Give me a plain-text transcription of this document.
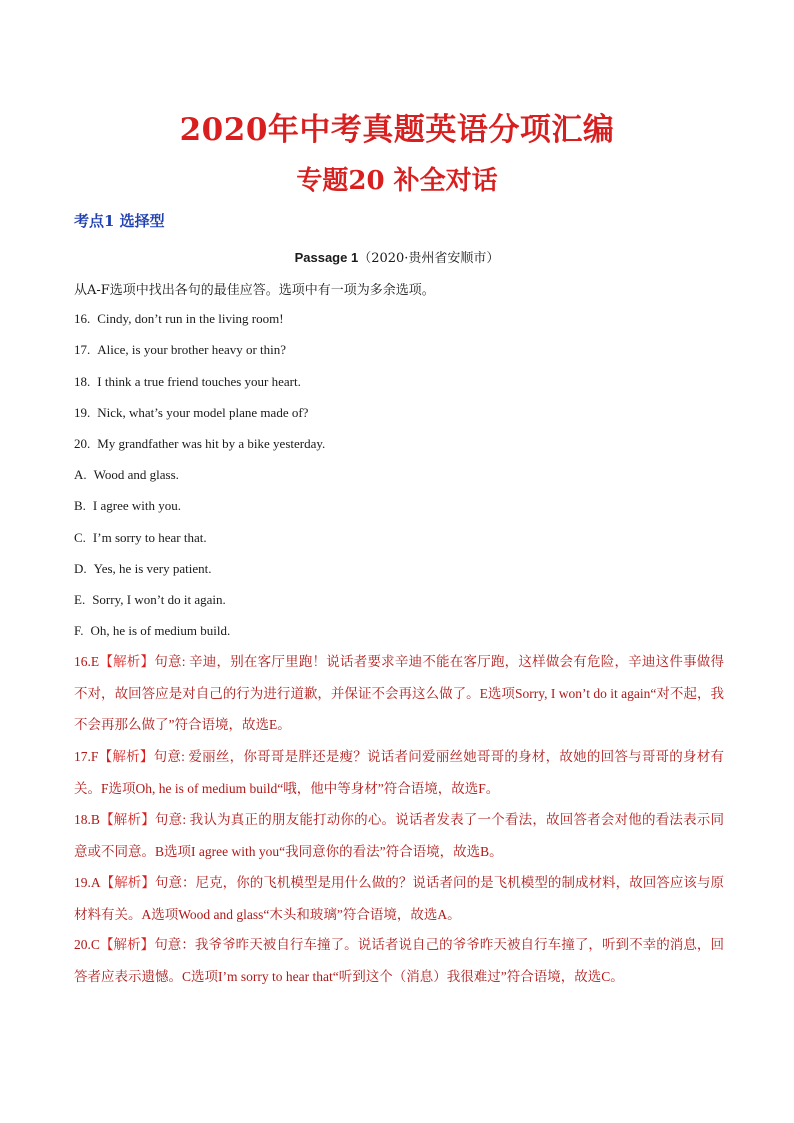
2020年中考真题英语分项汇编
专题20 补全对话
考点1 选择型
Passage 1（2020·贵州省安顺市）
从A-F选项中找出各句的最佳应答。选项中有一项为多余选项。
16. Cindy, don’t run in the living room!
17. Alice, is your brother heavy or thin?
18. I think a true friend touches your heart.
19. Nick, what’s your model plane made of?
20. My grandfather was hit by a bike yesterday.
A. Wood and glass.
B. I agree with you.
C. I’m sorry to hear that.
D. Yes, he is very patient.
E. Sorry, I won’t do it again.
F. Oh, he is of medium build.
16.E【解析】句意: 辛迪，别在客厅里跑！说话者要求辛迪不能在客厅跑，这样做会有危险，辛迪这件事做得不对，故回答应是对自己的行为进行道歉，并保证不会再这么做了。E选项Sorry, I won’t do it again“对不起，我不会再那么做了”符合语境，故选E。
17.F【解析】句意: 爱丽丝，你哥哥是胖还是瘦？说话者问爱丽丝她哥哥的身材，故她的回答与哥哥的身材有关。F选项Oh, he is of medium build“哦，他中等身材”符合语境，故选F。
18.B【解析】句意: 我认为真正的朋友能打动你的心。说话者发表了一个看法，故回答者会对他的看法表示同意或不同意。B选项I agree with you“我同意你的看法”符合语境，故选B。
19.A【解析】句意：尼克，你的飞机模型是用什么做的？说话者问的是飞机模型的制成材料，故回答应该与原材料有关。A选项Wood and glass“木头和玻璃”符合语境，故选A。
20.C【解析】句意：我爷爷昨天被自行车撞了。说话者说自己的爷爷昨天被自行车撞了，听到不幸的消息，回答者应表示遗憾。C选项I’m sorry to hear that“听到这个（消息）我很难过”符合语境，故选C。
